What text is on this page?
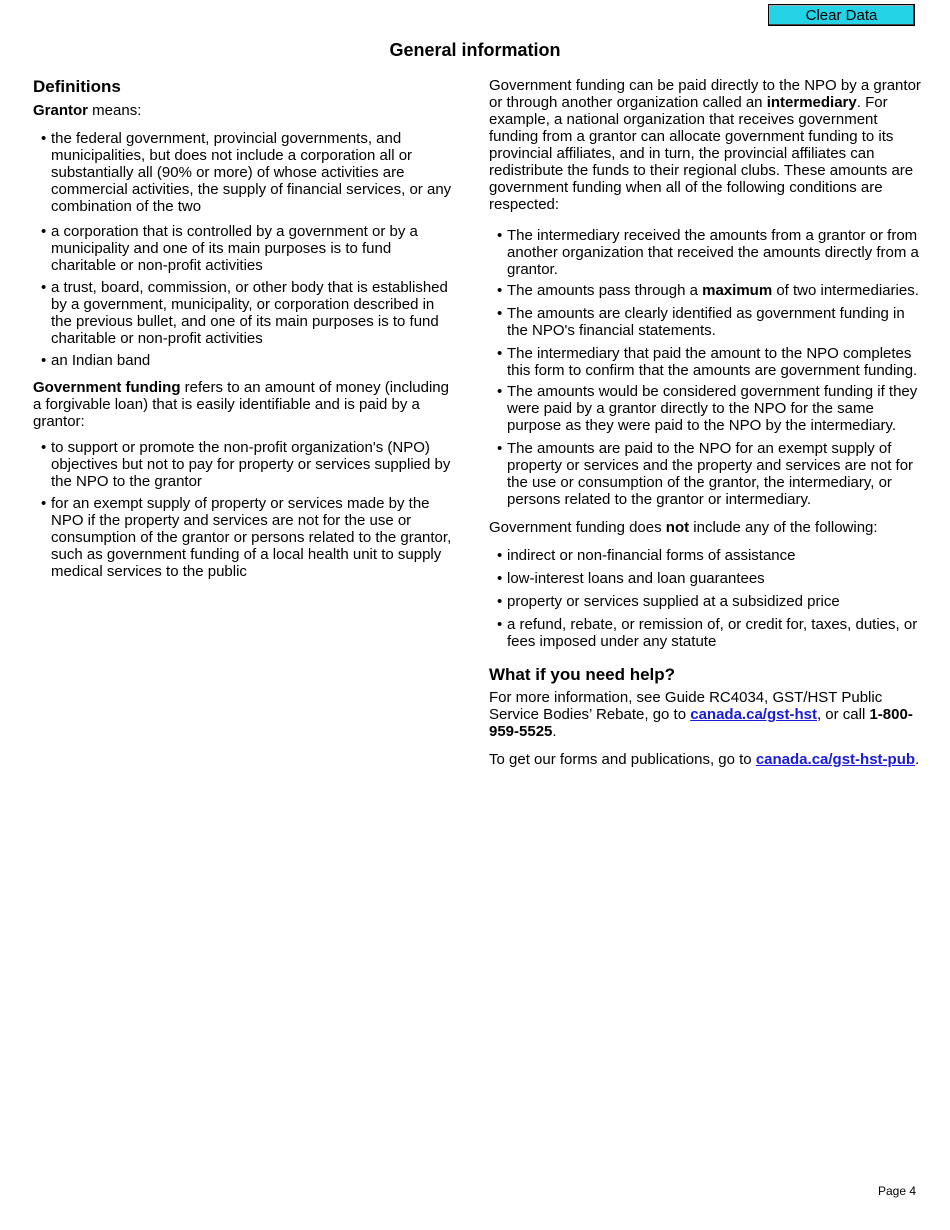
Clear Data
General information
Definitions

Grantor means:

• the federal government, provincial governments, and municipalities, but does not include a corporation all or substantially all (90% or more) of whose activities are commercial activities, the supply of financial services, or any combination of the two
• a corporation that is controlled by a government or by a municipality and one of its main purposes is to fund charitable or non-profit activities
• a trust, board, commission, or other body that is established by a government, municipality, or corporation described in the previous bullet, and one of its main purposes is to fund charitable or non-profit activities
• an Indian band

Government funding refers to an amount of money (including a forgivable loan) that is easily identifiable and is paid by a grantor:

• to support or promote the non-profit organization's (NPO) objectives but not to pay for property or services supplied by the NPO to the grantor
• for an exempt supply of property or services made by the NPO if the property and services are not for the use or consumption of the grantor or persons related to the grantor, such as government funding of a local health unit to supply medical services to the public

Government funding can be paid directly to the NPO by a grantor or through another organization called an intermediary. For example, a national organization that receives government funding from a grantor can allocate government funding to its provincial affiliates, and in turn, the provincial affiliates can redistribute the funds to their regional clubs. These amounts are government funding when all of the following conditions are respected:

• The intermediary received the amounts from a grantor or from another organization that received the amounts directly from a grantor.
• The amounts pass through a maximum of two intermediaries.
• The amounts are clearly identified as government funding in the NPO's financial statements.
• The intermediary that paid the amount to the NPO completes this form to confirm that the amounts are government funding.
• The amounts would be considered government funding if they were paid by a grantor directly to the NPO for the same purpose as they were paid to the NPO by the intermediary.
• The amounts are paid to the NPO for an exempt supply of property or services and the property and services are not for the use or consumption of the grantor, the intermediary, or persons related to the grantor or intermediary.

Government funding does not include any of the following:

• indirect or non-financial forms of assistance
• low-interest loans and loan guarantees
• property or services supplied at a subsidized price
• a refund, rebate, or remission of, or credit for, taxes, duties, or fees imposed under any statute
What if you need help?

For more information, see Guide RC4034, GST/HST Public Service Bodies’ Rebate, go to canada.ca/gst-hst, or call 1-800-959-5525.

To get our forms and publications, go to canada.ca/gst-hst-pub.

Page 4
